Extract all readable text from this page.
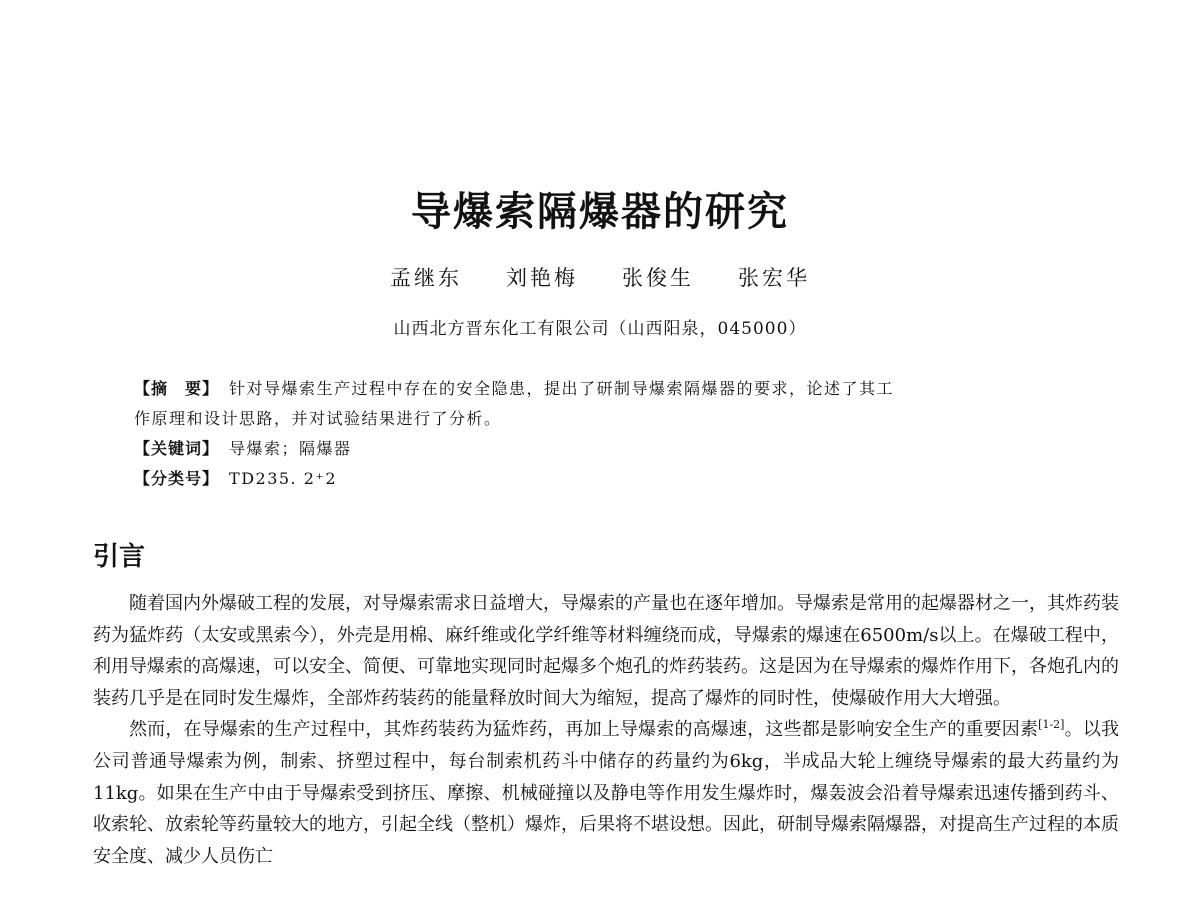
导爆索隔爆器的研究
孟继东 刘艳梅 张俊生 张宏华
山西北方晋东化工有限公司（山西阳泉，045000）
【摘　要】 针对导爆索生产过程中存在的安全隐患，提出了研制导爆索隔爆器的要求，论述了其工
作原理和设计思路，并对试验结果进行了分析。
【关键词】 导爆索；隔爆器
【分类号】 TD235. 2⁺2
引言

随着国内外爆破工程的发展，对导爆索需求日益增大，导爆索的产量也在逐年增加。导爆索是常用的起爆器材之一，其炸药装药为猛炸药（太安或黑索今），外壳是用棉、麻纤维或化学纤维等材料缠绕而成，导爆索的爆速在6500m/s以上。在爆破工程中，利用导爆索的高爆速，可以安全、简便、可靠地实现同时起爆多个炮孔的炸药装药。这是因为在导爆索的爆炸作用下，各炮孔内的装药几乎是在同时发生爆炸，全部炸药装药的能量释放时间大为缩短，提高了爆炸的同时性，使爆破作用大大增强。

然而，在导爆索的生产过程中，其炸药装药为猛炸药，再加上导爆索的高爆速，这些都是影响安全生产的重要因素[1-2]。以我公司普通导爆索为例，制索、挤塑过程中，每台制索机药斗中储存的药量约为6kg，半成品大轮上缠绕导爆索的最大药量约为11kg。如果在生产中由于导爆索受到挤压、摩擦、机械碰撞以及静电等作用发生爆炸时，爆轰波会沿着导爆索迅速传播到药斗、收索轮、放索轮等药量较大的地方，引起全线（整机）爆炸，后果将不堪设想。因此，研制导爆索隔爆器，对提高生产过程的本质安全度、减少人员伤亡
